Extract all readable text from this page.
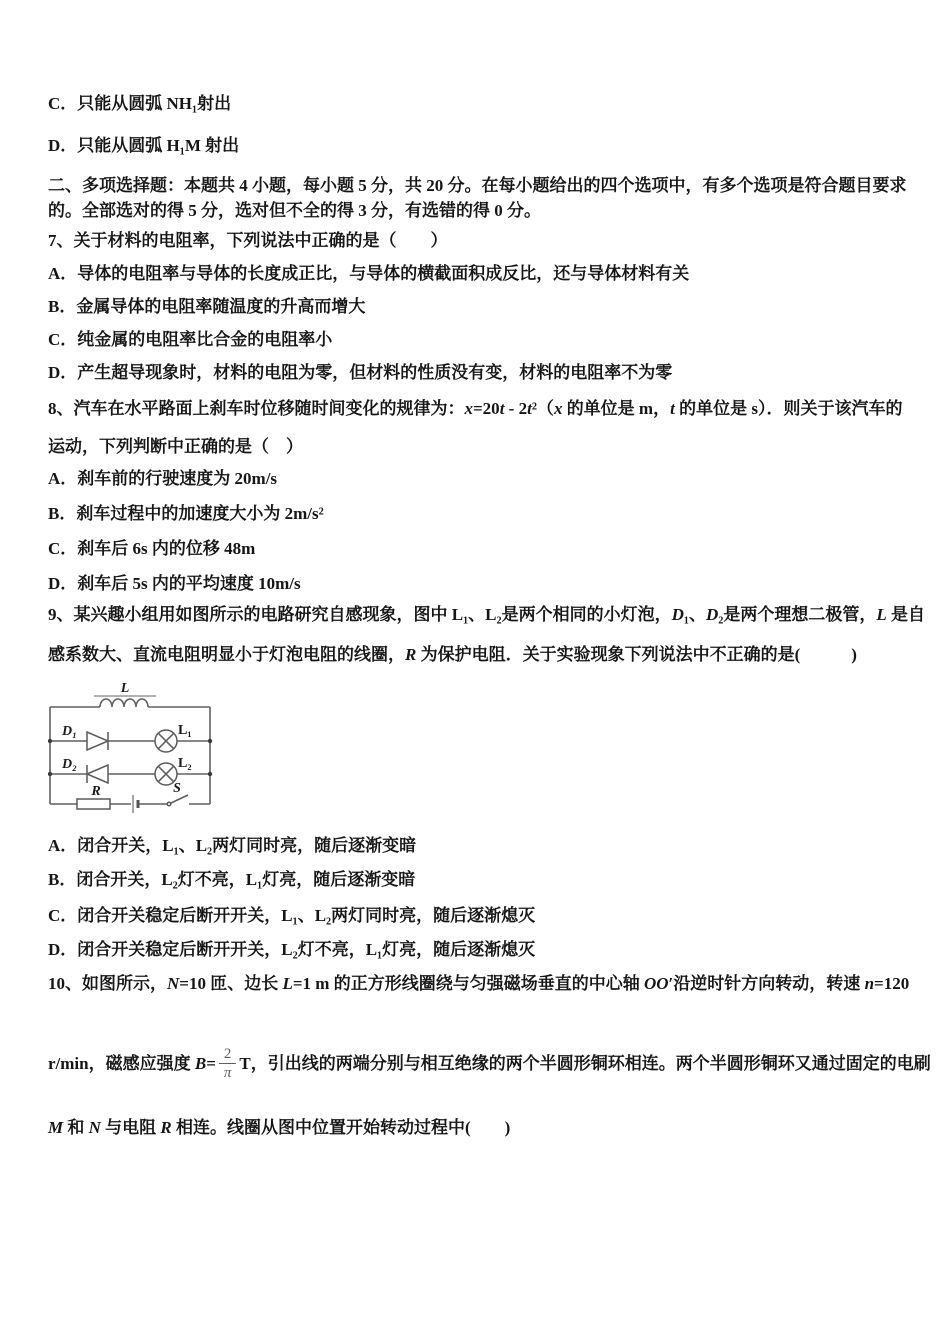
C．只能从圆弧 NH₁射出
D．只能从圆弧 H₁M 射出
二、多项选择题：本题共 4 小题，每小题 5 分，共 20 分。在每小题给出的四个选项中，有多个选项是符合题目要求的。全部选对的得 5 分，选对但不全的得 3 分，有选错的得 0 分。
7、关于材料的电阻率，下列说法中正确的是（　　）
A．导体的电阻率与导体的长度成正比，与导体的横截面积成反比，还与导体材料有关
B．金属导体的电阻率随温度的升高而增大
C．纯金属的电阻率比合金的电阻率小
D．产生超导现象时，材料的电阻为零，但材料的性质没有变，材料的电阻率不为零
8、汽车在水平路面上刹车时位移随时间变化的规律为：x=20t - 2t²（x 的单位是 m，t 的单位是 s）．则关于该汽车的
运动，下列判断中正确的是（　）
A．刹车前的行驶速度为 20m/s
B．刹车过程中的加速度大小为 2m/s²
C．刹车后 6s 内的位移 48m
D．刹车后 5s 内的平均速度 10m/s
9、某兴趣小组用如图所示的电路研究自感现象，图中 L₁、L₂是两个相同的小灯泡，D₁、D₂是两个理想二极管，L 是自
感系数大、直流电阻明显小于灯泡电阻的线圈，R 为保护电阻．关于实验现象下列说法中不正确的是(　　　)
L
D₁	L₁
D₂	L₂
R	S
A．闭合开关，L₁、L₂两灯同时亮，随后逐渐变暗
B．闭合开关，L₂灯不亮，L₁灯亮，随后逐渐变暗
C．闭合开关稳定后断开开关，L₁、L₂两灯同时亮，随后逐渐熄灭
D．闭合开关稳定后断开开关，L₂灯不亮，L₁灯亮，随后逐渐熄灭
10、如图所示，N=10 匝、边长 L=1 m 的正方形线圈绕与匀强磁场垂直的中心轴 OO′沿逆时针方向转动，转速 n=120
r/min，磁感应强度 $B= \frac{2}{\pi}$ T，引出线的两端分别与相互绝缘的两个半圆形铜环相连。两个半圆形铜环又通过固定的电刷
M 和 N 与电阻 R 相连。线圈从图中位置开始转动过程中(　　)
